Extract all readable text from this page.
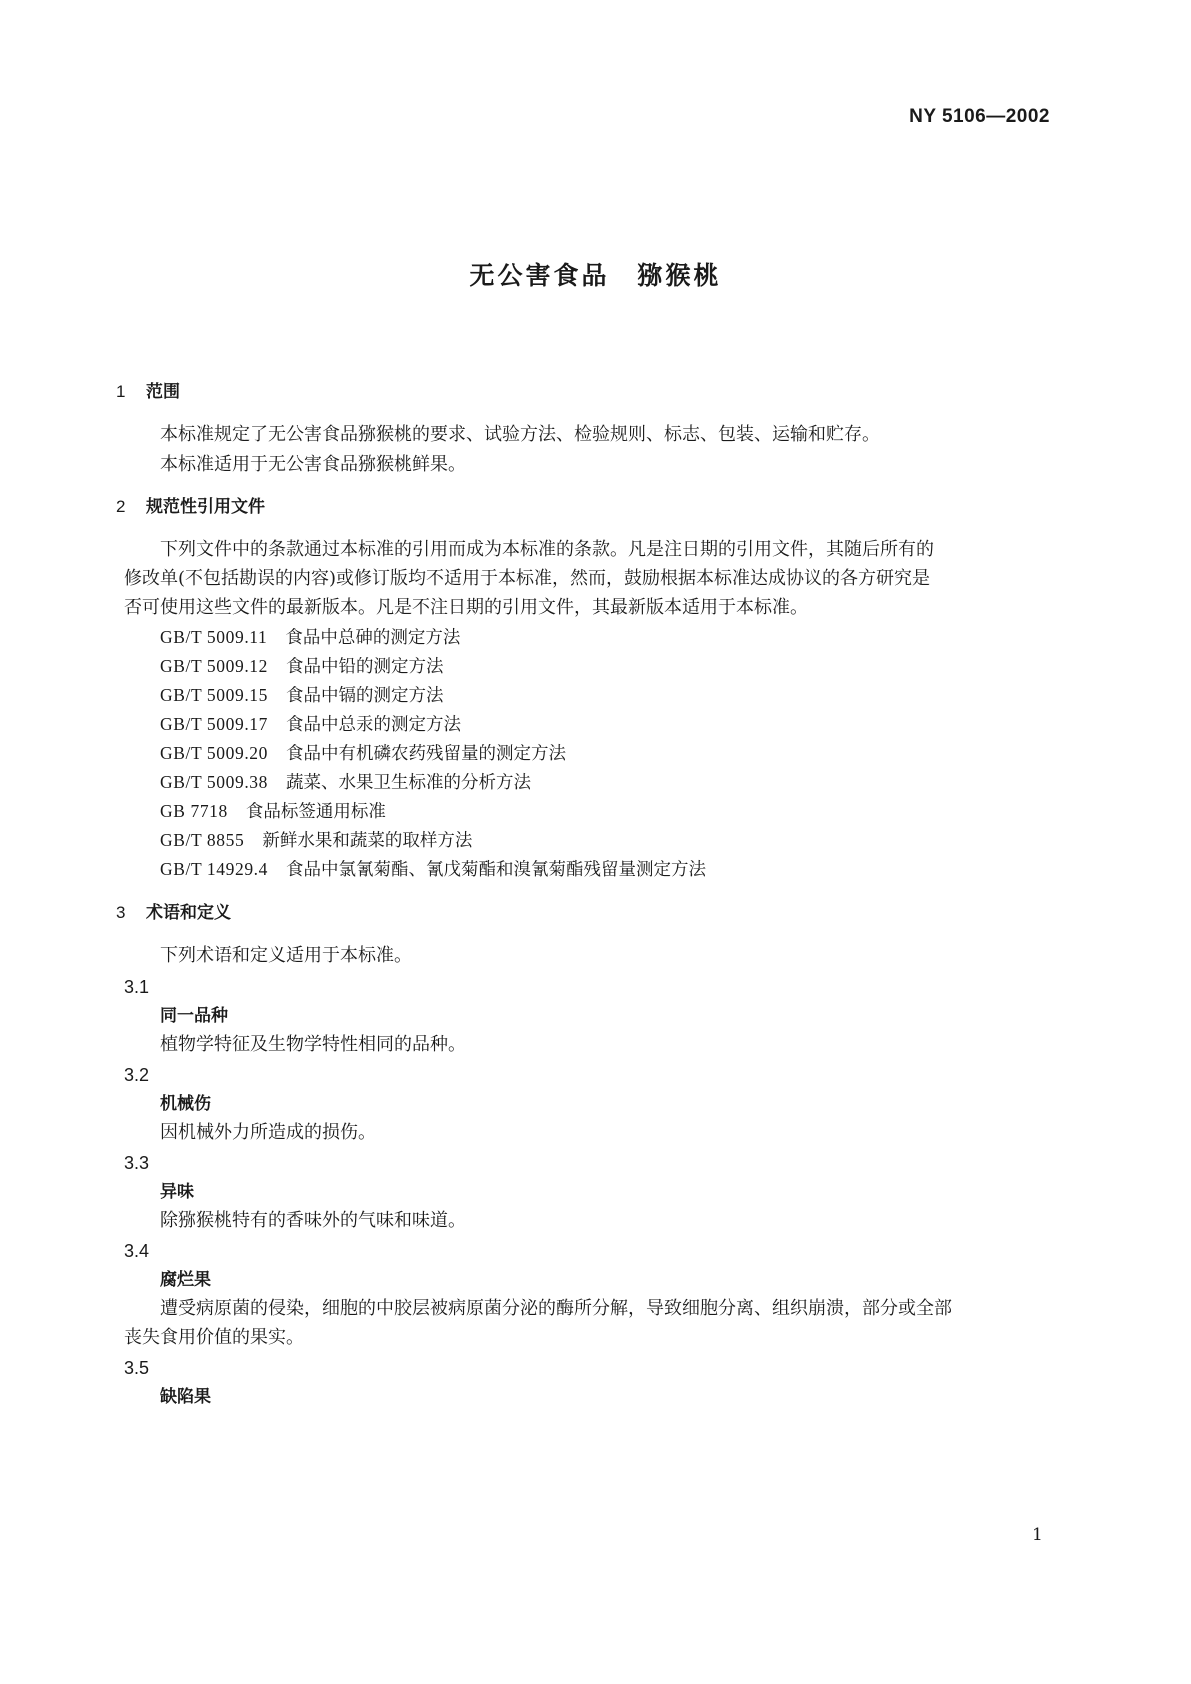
NY 5106—2002
无公害食品　猕猴桃
1 范围
本标准规定了无公害食品猕猴桃的要求、试验方法、检验规则、标志、包装、运输和贮存。
本标准适用于无公害食品猕猴桃鲜果。
2 规范性引用文件
下列文件中的条款通过本标准的引用而成为本标准的条款。凡是注日期的引用文件，其随后所有的
修改单(不包括勘误的内容)或修订版均不适用于本标准，然而，鼓励根据本标准达成协议的各方研究是
否可使用这些文件的最新版本。凡是不注日期的引用文件，其最新版本适用于本标准。
GB/T 5009.11 食品中总砷的测定方法
GB/T 5009.12 食品中铅的测定方法
GB/T 5009.15 食品中镉的测定方法
GB/T 5009.17 食品中总汞的测定方法
GB/T 5009.20 食品中有机磷农药残留量的测定方法
GB/T 5009.38 蔬菜、水果卫生标准的分析方法
GB 7718 食品标签通用标准
GB/T 8855 新鲜水果和蔬菜的取样方法
GB/T 14929.4 食品中氯氰菊酯、氰戊菊酯和溴氰菊酯残留量测定方法
3 术语和定义
下列术语和定义适用于本标准。
3.1
同一品种
植物学特征及生物学特性相同的品种。
3.2
机械伤
因机械外力所造成的损伤。
3.3
异味
除猕猴桃特有的香味外的气味和味道。
3.4
腐烂果
遭受病原菌的侵染，细胞的中胶层被病原菌分泌的酶所分解，导致细胞分离、组织崩溃，部分或全部
丧失食用价值的果实。
3.5
缺陷果
1
